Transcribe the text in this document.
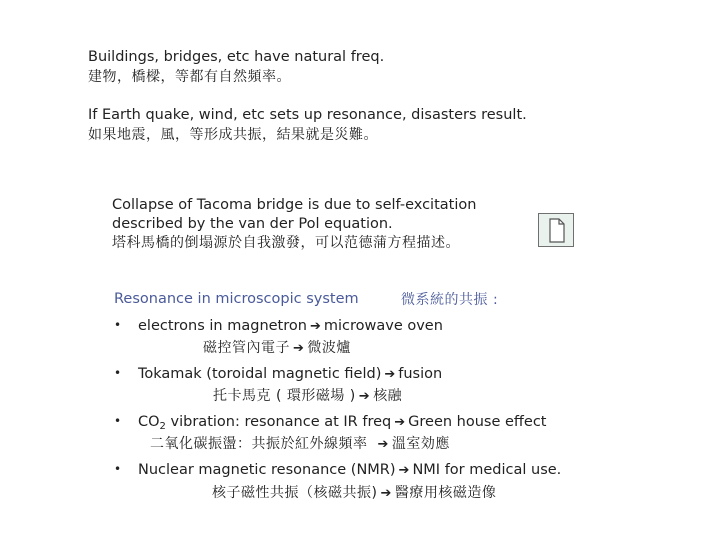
Buildings, bridges, etc have natural freq.
建物，橋樑，等都有自然頻率。
If Earth quake, wind, etc sets up resonance, disasters result.
如果地震，風，等形成共振，結果就是災難。
Collapse of Tacoma bridge is due to self-excitation
described by the van der Pol equation.
塔科馬橋的倒塌源於自我激發，可以范德蒲方程描述。
Resonance in microscopic system	微系統的共振 :
• electrons in magnetron ➔ microwave oven
磁控管內電子 ➔ 微波爐
• Tokamak (toroidal magnetic field) ➔ fusion
托卡馬克 ( 環形磁場 ) ➔ 核融
• $CO_2$ vibration: resonance at IR freq ➔ Green house effect
二氧化碳振盪：共振於紅外線頻率 ➔ 溫室効應
• Nuclear magnetic resonance (NMR) ➔ NMI for medical use.
核子磁性共振（核磁共振) ➔ 醫療用核磁造像
